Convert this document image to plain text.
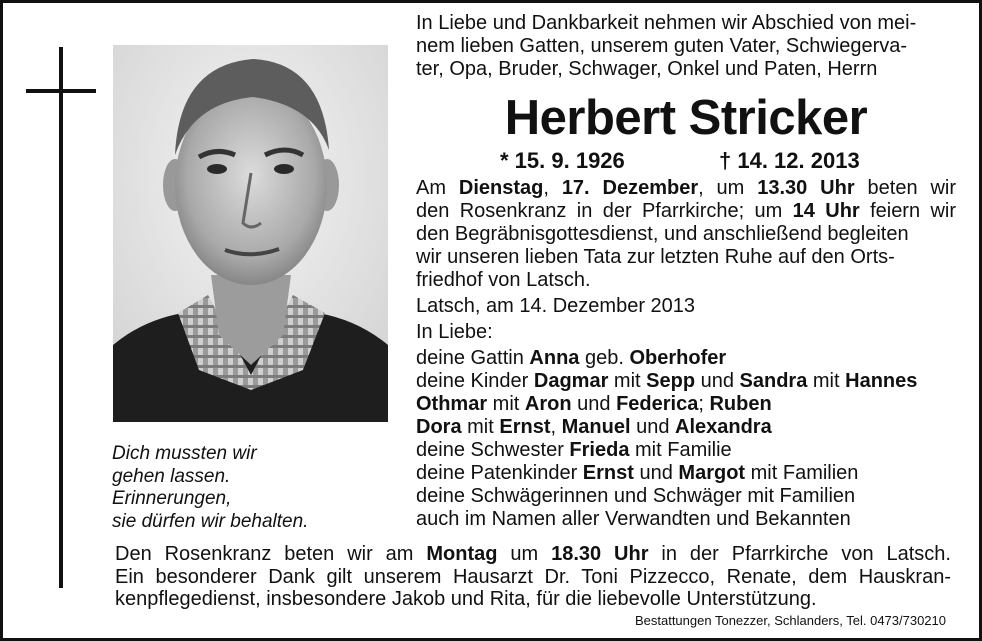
Dich mussten wir
gehen lassen.
Erinnerungen,
sie dürfen wir behalten.
In Liebe und Dankbarkeit nehmen wir Abschied von mei-
nem lieben Gatten, unserem guten Vater, Schwiegerva-
ter, Opa, Bruder, Schwager, Onkel und Paten, Herrn
Herbert Stricker
* 15. 9. 1926	† 14. 12. 2013
Am Dienstag, 17. Dezember, um 13.30 Uhr beten wir
den Rosenkranz in der Pfarrkirche; um 14 Uhr feiern wir
den Begräbnisgottesdienst, und anschließend begleiten
wir unseren lieben Tata zur letzten Ruhe auf den Orts-
friedhof von Latsch.
Latsch, am 14. Dezember 2013
In Liebe:
deine Gattin Anna geb. Oberhofer
deine Kinder Dagmar mit Sepp und Sandra mit Hannes
Othmar mit Aron und Federica; Ruben
Dora mit Ernst, Manuel und Alexandra
deine Schwester Frieda mit Familie
deine Patenkinder Ernst und Margot mit Familien
deine Schwägerinnen und Schwäger mit Familien
auch im Namen aller Verwandten und Bekannten
Den Rosenkranz beten wir am Montag um 18.30 Uhr in der Pfarrkirche von Latsch.
Ein besonderer Dank gilt unserem Hausarzt Dr. Toni Pizzecco, Renate, dem Hauskran-
kenpflegedienst, insbesondere Jakob und Rita, für die liebevolle Unterstützung.
Bestattungen Tonezzer, Schlanders, Tel. 0473/730210
